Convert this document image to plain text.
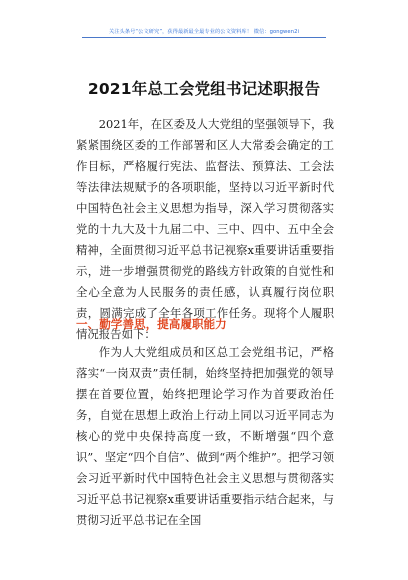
关注头条号“公文研究”，获得最新最全最专业的公文资料库！ 微信：gongwen2i
2021年总工会党组书记述职报告

2021年，在区委及人大党组的坚强领导下，我紧紧围绕区委的工作部署和区人大常委会确定的工作目标，严格履行宪法、监督法、预算法、工会法等法律法规赋予的各项职能，坚持以习近平新时代中国特色社会主义思想为指导，深入学习贯彻落实党的十九大及十九届二中、三中、四中、五中全会精神，全面贯彻习近平总书记视察x重要讲话重要指示，进一步增强贯彻党的路线方针政策的自觉性和全心全意为人民服务的责任感，认真履行岗位职责，圆满完成了全年各项工作任务。现将个人履职情况报告如下：

一、勤学善思，提高履职能力

作为人大党组成员和区总工会党组书记，严格落实“一岗双责”责任制，始终坚持把加强党的领导摆在首要位置，始终把理论学习作为首要政治任务，自觉在思想上政治上行动上同以习近平同志为核心的党中央保持高度一致，不断增强“四个意识”、坚定“四个自信”、做到“两个维护”。把学习领会习近平新时代中国特色社会主义思想与贯彻落实习近平总书记视察x重要讲话重要指示结合起来，与贯彻习近平总书记在全国
